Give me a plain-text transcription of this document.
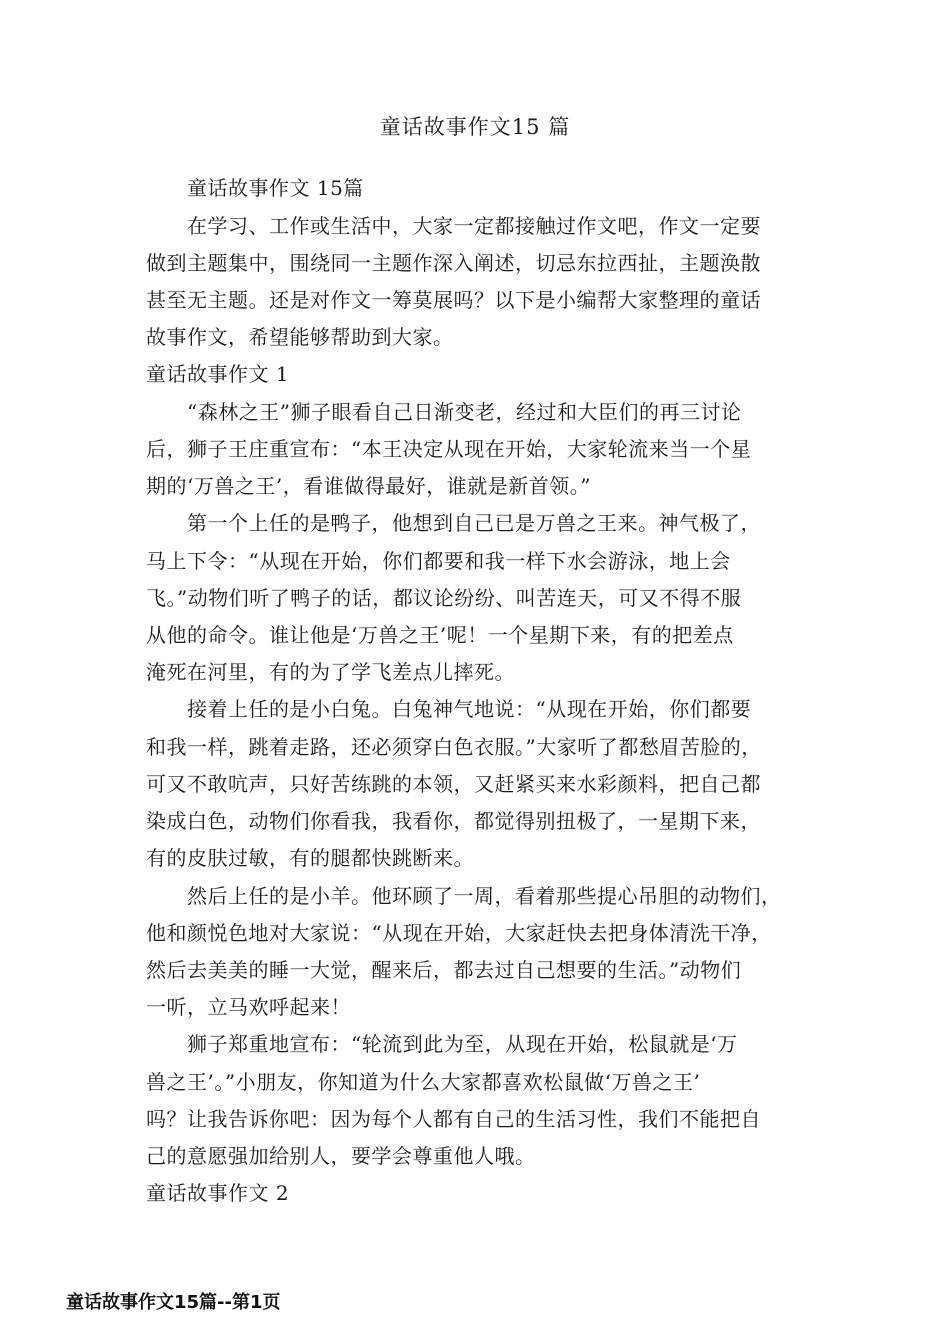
童话故事作文15 篇
童话故事作文 15篇
在学习、工作或生活中，大家一定都接触过作文吧，作文一定要
做到主题集中，围绕同一主题作深入阐述，切忌东拉西扯，主题涣散
甚至无主题。还是对作文一筹莫展吗？以下是小编帮大家整理的童话
故事作文，希望能够帮助到大家。
童话故事作文 1
“森林之王”狮子眼看自己日渐变老，经过和大臣们的再三讨论
后，狮子王庄重宣布：“本王决定从现在开始，大家轮流来当一个星
期的‘万兽之王’，看谁做得最好，谁就是新首领。”
第一个上任的是鸭子，他想到自己已是万兽之王来。神气极了，
马上下令：“从现在开始，你们都要和我一样下水会游泳，地上会
飞。”动物们听了鸭子的话，都议论纷纷、叫苦连天，可又不得不服
从他的命令。谁让他是‘万兽之王’呢！一个星期下来，有的把差点
淹死在河里，有的为了学飞差点儿摔死。
接着上任的是小白兔。白兔神气地说：“从现在开始，你们都要
和我一样，跳着走路，还必须穿白色衣服。”大家听了都愁眉苦脸的，
可又不敢吭声，只好苦练跳的本领，又赶紧买来水彩颜料，把自己都
染成白色，动物们你看我，我看你，都觉得别扭极了，一星期下来，
有的皮肤过敏，有的腿都快跳断来。
然后上任的是小羊。他环顾了一周，看着那些提心吊胆的动物们，
他和颜悦色地对大家说：“从现在开始，大家赶快去把身体清洗干净，
然后去美美的睡一大觉，醒来后，都去过自己想要的生活。”动物们
一听，立马欢呼起来！
狮子郑重地宣布：“轮流到此为至，从现在开始，松鼠就是‘万
兽之王’。”小朋友，你知道为什么大家都喜欢松鼠做‘万兽之王’
吗？让我告诉你吧：因为每个人都有自己的生活习性，我们不能把自
己的意愿强加给别人，要学会尊重他人哦。
童话故事作文 2
童话故事作文15篇--第1页
